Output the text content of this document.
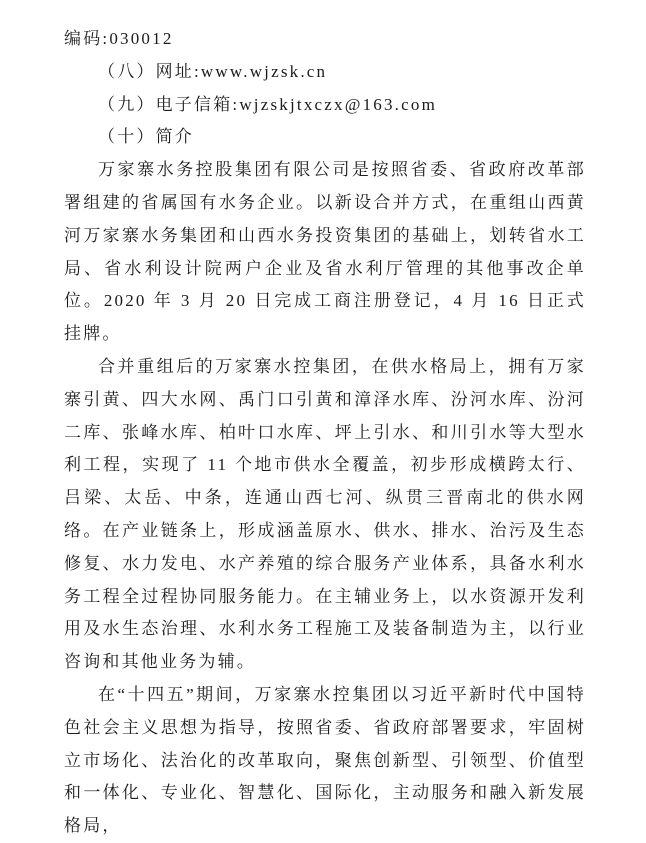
编码:030012
（八）网址:www.wjzsk.cn
（九）电子信箱:wjzskjtxczx@163.com
（十）简介

万家寨水务控股集团有限公司是按照省委、省政府改革部署组建的省属国有水务企业。以新设合并方式，在重组山西黄河万家寨水务集团和山西水务投资集团的基础上，划转省水工局、省水利设计院两户企业及省水利厅管理的其他事改企单位。2020 年 3 月 20 日完成工商注册登记，4 月 16 日正式挂牌。

合并重组后的万家寨水控集团，在供水格局上，拥有万家寨引黄、四大水网、禹门口引黄和漳泽水库、汾河水库、汾河二库、张峰水库、柏叶口水库、坪上引水、和川引水等大型水利工程，实现了 11 个地市供水全覆盖，初步形成横跨太行、吕梁、太岳、中条，连通山西七河、纵贯三晋南北的供水网络。在产业链条上，形成涵盖原水、供水、排水、治污及生态修复、水力发电、水产养殖的综合服务产业体系，具备水利水务工程全过程协同服务能力。在主辅业务上，以水资源开发利用及水生态治理、水利水务工程施工及装备制造为主，以行业咨询和其他业务为辅。

在“十四五”期间，万家寨水控集团以习近平新时代中国特色社会主义思想为指导，按照省委、省政府部署要求，牢固树立市场化、法治化的改革取向，聚焦创新型、引领型、价值型和一体化、专业化、智慧化、国际化，主动服务和融入新发展格局，
